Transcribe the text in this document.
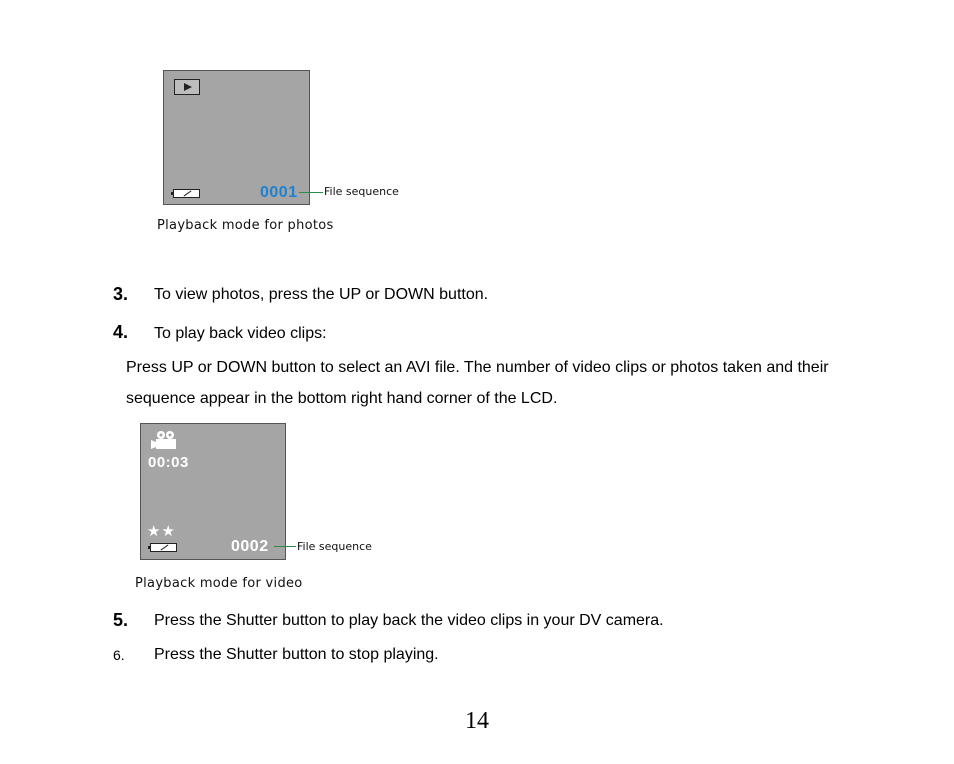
0001 File sequence
Playback mode for photos
3. To view photos, press the UP or DOWN button.
4. To play back video clips:
Press UP or DOWN button to select an AVI file. The number of video clips or photos taken and their
sequence appear in the bottom right hand corner of the LCD.
00:03
★★
0002	File sequence
Playback mode for video
5. Press the Shutter button to play back the video clips in your DV camera.
6. Press the Shutter button to stop playing.
14
